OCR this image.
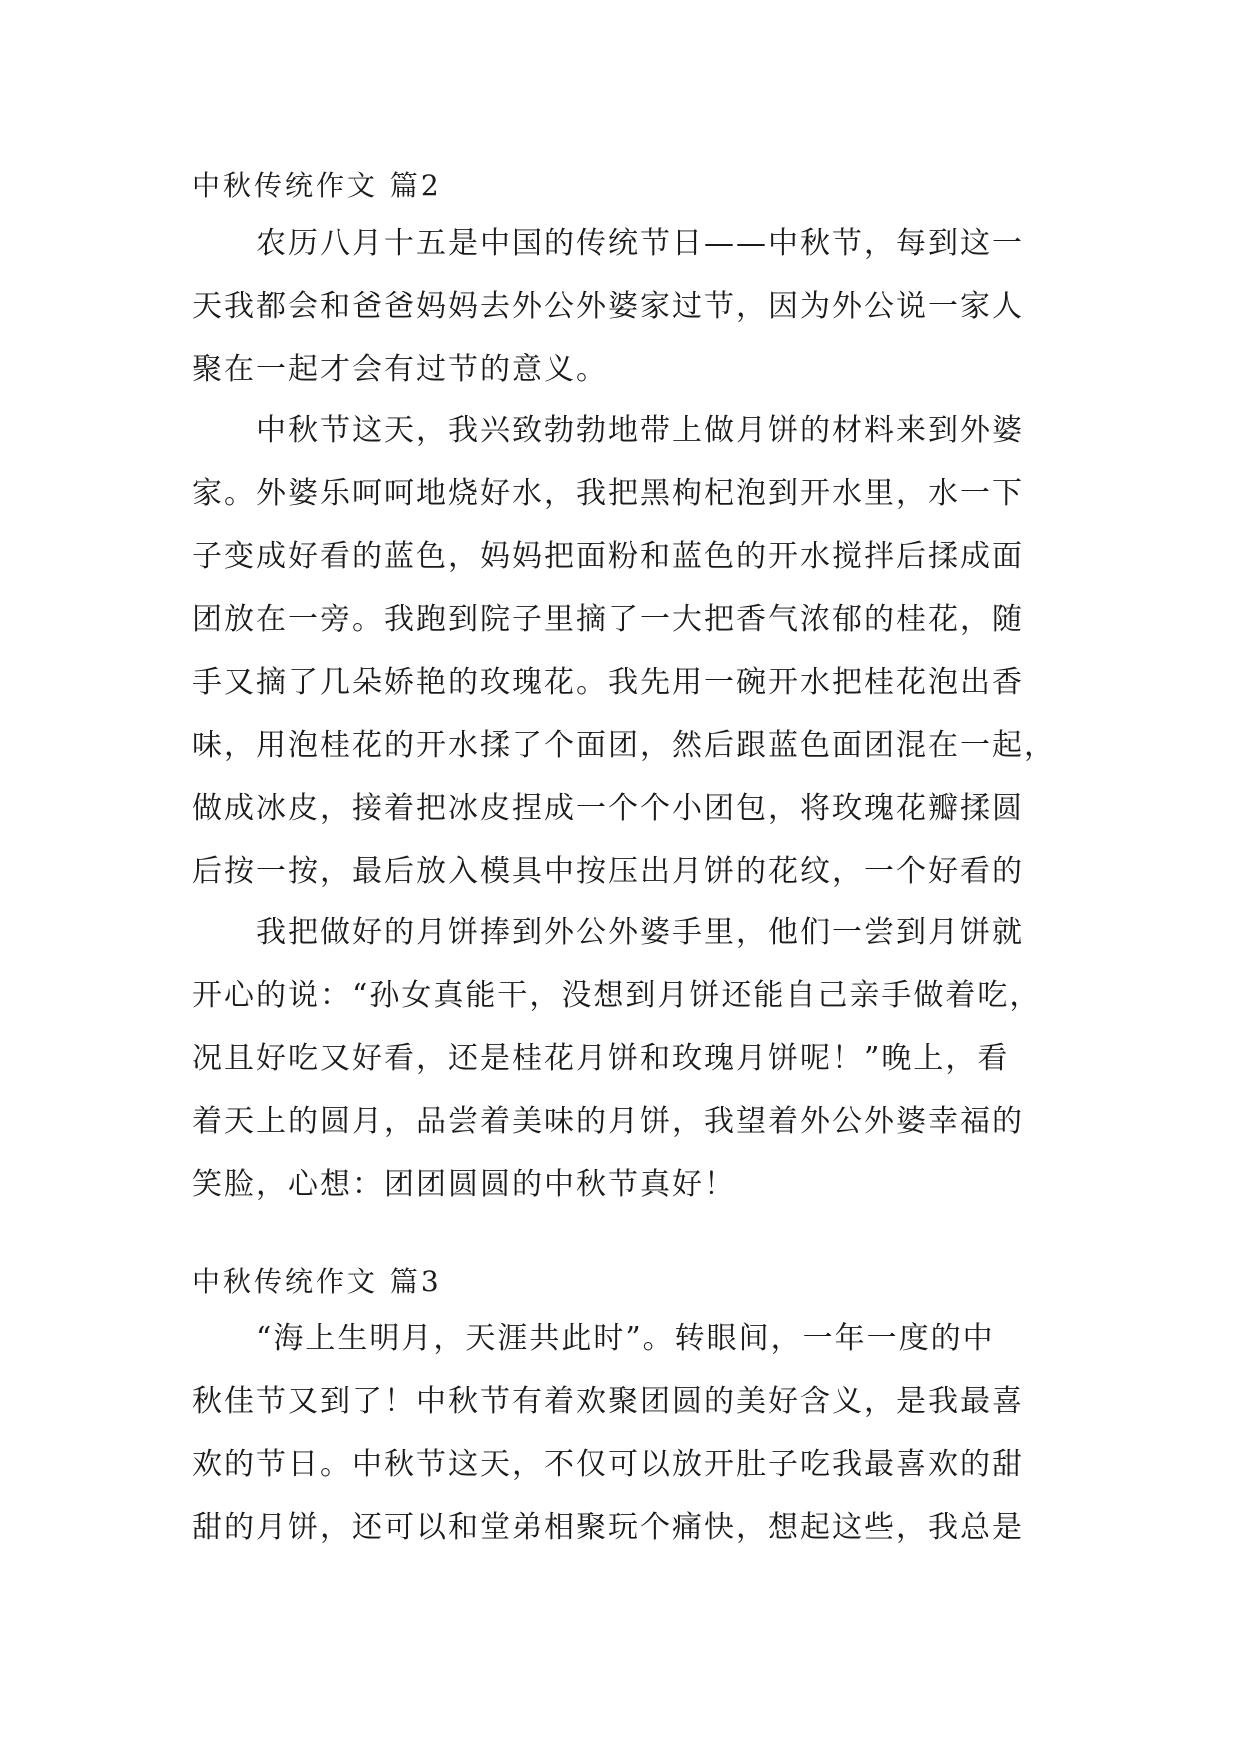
中秋传统作文 篇2
农历八月十五是中国的传统节日——中秋节，每到这一
天我都会和爸爸妈妈去外公外婆家过节，因为外公说一家人
聚在一起才会有过节的意义。
中秋节这天，我兴致勃勃地带上做月饼的材料来到外婆
家。外婆乐呵呵地烧好水，我把黑枸杞泡到开水里，水一下
子变成好看的蓝色，妈妈把面粉和蓝色的开水搅拌后揉成面
团放在一旁。我跑到院子里摘了一大把香气浓郁的桂花，随
手又摘了几朵娇艳的玫瑰花。我先用一碗开水把桂花泡出香
味，用泡桂花的开水揉了个面团，然后跟蓝色面团混在一起，
做成冰皮，接着把冰皮捏成一个个小团包，将玫瑰花瓣揉圆
后按一按，最后放入模具中按压出月饼的花纹，一个好看的
我把做好的月饼捧到外公外婆手里，他们一尝到月饼就
开心的说：“孙女真能干，没想到月饼还能自己亲手做着吃，
况且好吃又好看，还是桂花月饼和玫瑰月饼呢！”晚上，看
着天上的圆月，品尝着美味的月饼，我望着外公外婆幸福的
笑脸，心想：团团圆圆的中秋节真好！
中秋传统作文 篇3
“海上生明月，天涯共此时”。转眼间，一年一度的中
秋佳节又到了！中秋节有着欢聚团圆的美好含义，是我最喜
欢的节日。中秋节这天，不仅可以放开肚子吃我最喜欢的甜
甜的月饼，还可以和堂弟相聚玩个痛快，想起这些，我总是
